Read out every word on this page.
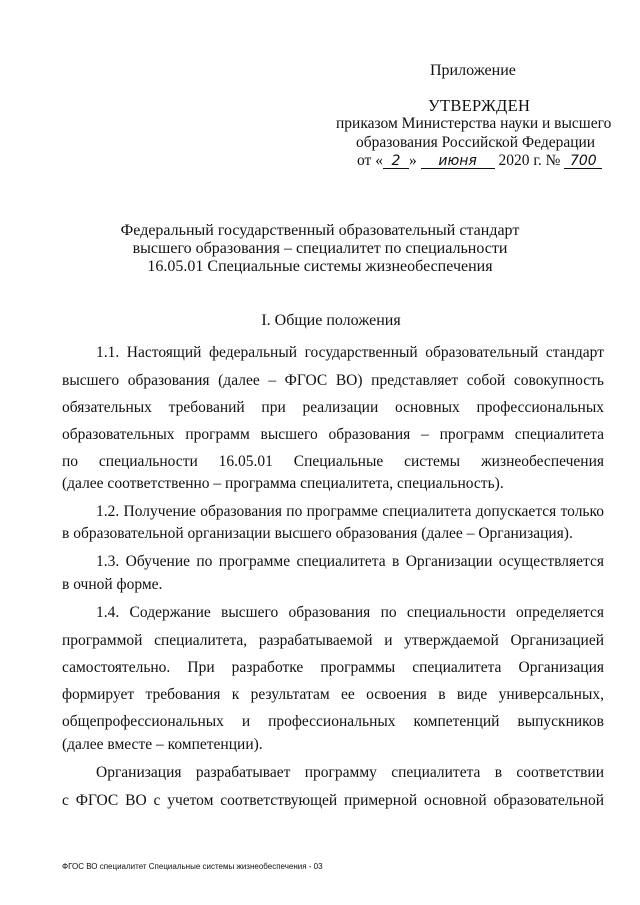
Приложение
УТВЕРЖДЕН
приказом Министерства науки и высшего
образования Российской Федерации
от « 2 » июня 2020 г. № 700
Федеральный государственный образовательный стандарт
высшего образования – специалитет по специальности
16.05.01 Специальные системы жизнеобеспечения
I. Общие положения
1.1. Настоящий федеральный государственный образовательный стандарт
высшего образования (далее – ФГОС ВО) представляет собой совокупность
обязательных требований при реализации основных профессиональных
образовательных программ высшего образования – программ специалитета
по специальности 16.05.01 Специальные системы жизнеобеспечения
(далее соответственно – программа специалитета, специальность).
1.2. Получение образования по программе специалитета допускается только
в образовательной организации высшего образования (далее – Организация).
1.3. Обучение по программе специалитета в Организации осуществляется
в очной форме.
1.4. Содержание высшего образования по специальности определяется
программой специалитета, разрабатываемой и утверждаемой Организацией
самостоятельно. При разработке программы специалитета Организация
формирует требования к результатам ее освоения в виде универсальных,
общепрофессиональных и профессиональных компетенций выпускников
(далее вместе – компетенции).
Организация разрабатывает программу специалитета в соответствии
с ФГОС ВО с учетом соответствующей примерной основной образовательной
ФГОС ВО специалитет Специальные системы жизнеобеспечения - 03
